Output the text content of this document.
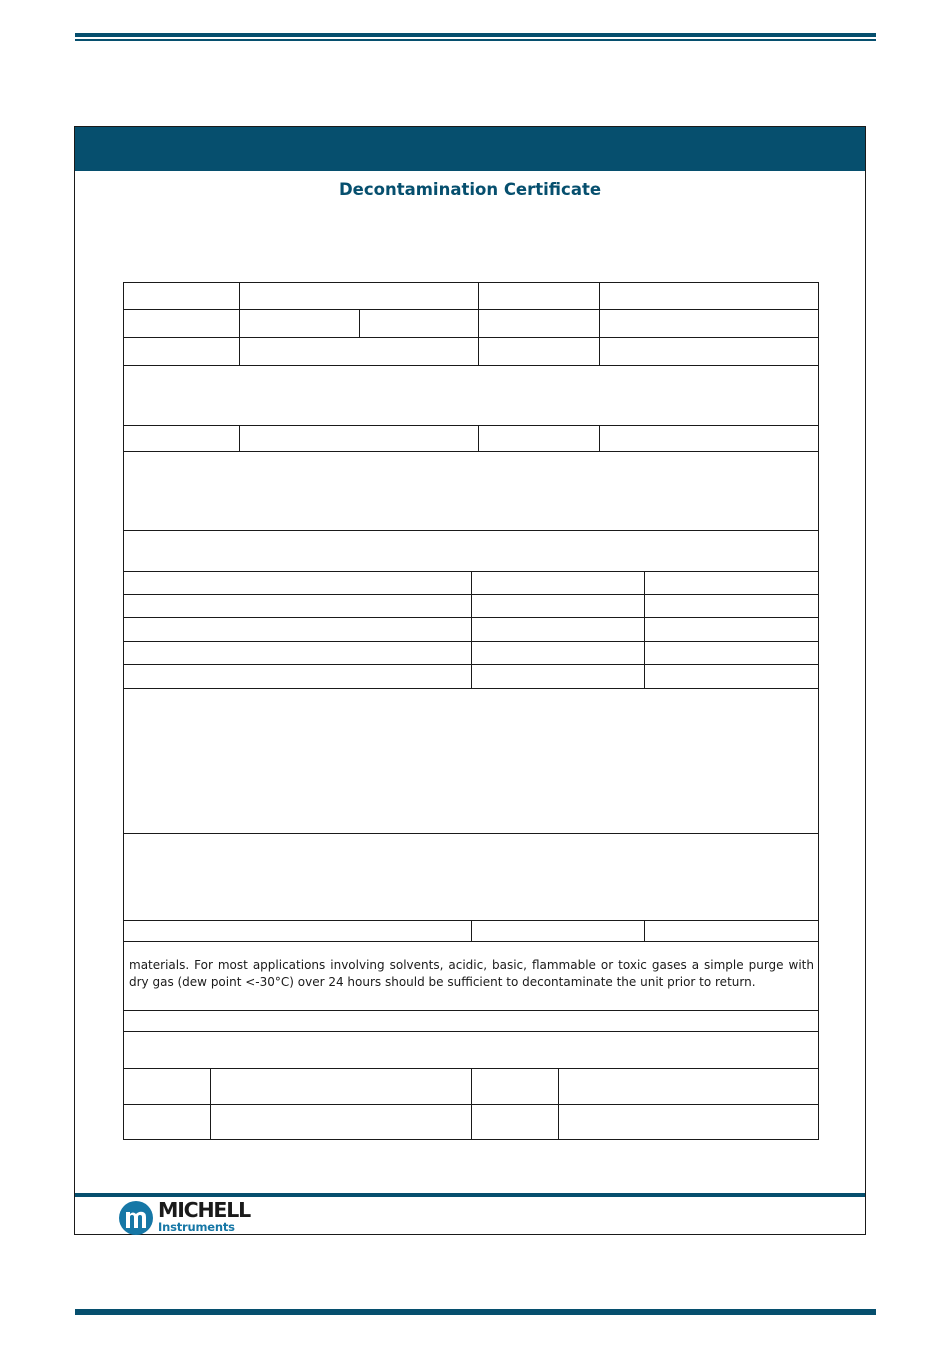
Decontamination Certificate
materials. For most applications involving solvents, acidic, basic, flammable or toxic gases a simple purge with dry gas (dew point <-30°C) over 24 hours should be sufficient to decontaminate the unit prior to return.
MICHELL
Instruments
